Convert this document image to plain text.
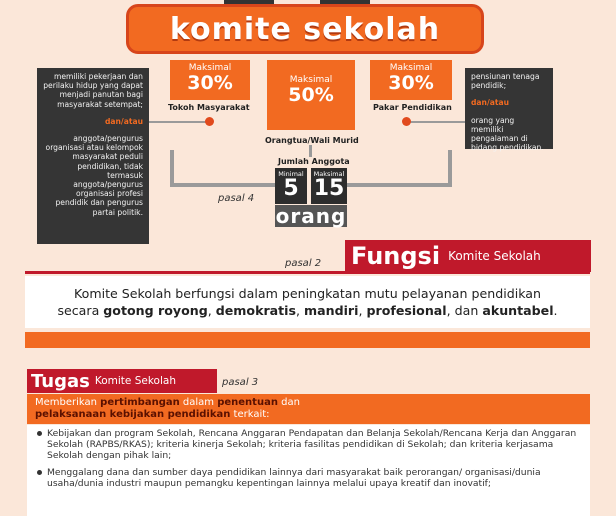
komite sekolah

memiliki pekerjaan dan perilaku hidup yang dapat menjadi panutan bagi masyarakat setempat;

dan/atau

anggota/pengurus organisasi atau kelompok masyarakat peduli pendidikan, tidak termasuk anggota/pengurus organisasi profesi pendidik dan pengurus partai politik.

pensiunan tenaga pendidik;

dan/atau

orang yang memiliki pengalaman di bidang pendidikan.

Maksimal
30%	Maksimal
50%
Maksimal
30%
Tokoh Masyarakat
Orangtua/Wali Murid
Pakar Pendidikan
Jumlah Anggota
Minimal
5
Maksimal
15
orang
pasal 4
pasal 2 Fungsi Komite Sekolah
Komite Sekolah berfungsi dalam peningkatan mutu pelayanan pendidikan
secara gotong royong, demokratis, mandiri, profesional, dan akuntabel.
Tugas Komite Sekolah	pasal 3
Memberikan pertimbangan dalam penentuan dan
pelaksanaan kebijakan pendidikan terkait:
Kebijakan dan program Sekolah, Rencana Anggaran Pendapatan dan Belanja Sekolah/Rencana Kerja dan Anggaran Sekolah (RAPBS/RKAS); kriteria kinerja Sekolah; kriteria fasilitas pendidikan di Sekolah; dan kriteria kerjasama Sekolah dengan pihak lain;
Menggalang dana dan sumber daya pendidikan lainnya dari masyarakat baik perorangan/ organisasi/dunia usaha/dunia industri maupun pemangku kepentingan lainnya melalui upaya kreatif dan inovatif;
